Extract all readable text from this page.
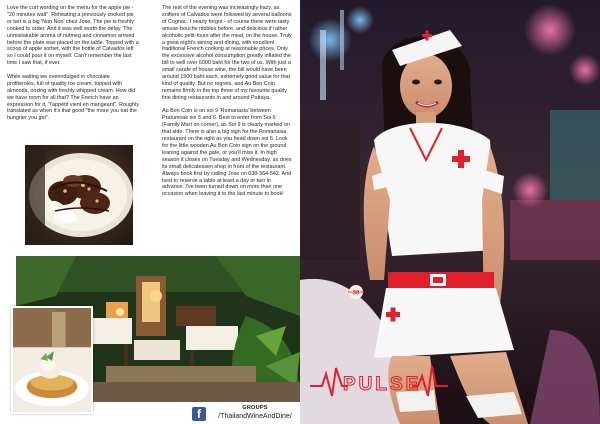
Love the curt wording on the menu for the apple pie - "20 minutes wait". Reheating a previously cooked pie or tart is a big 'Non Non' chez Jose. The pie is freshly cooked to order. And it was well worth the delay. The unmistakable aroma of nutmeg and cinnamon arrived before the plate was placed on the table. Topped with a scoop of apple sorbet, with the bottle of Calvados left so I could pour it on myself. Can't remember the last time I saw that, if ever.

While waiting we overindulged in chocolate profiteroles, full of quality ice cream, topped with almonds, oozing with freshly whipped cream. How did we have room for all that? The French have an expression for it, "l'appétit vient en mangeant". Roughly translated as when it's that good "the more you eat the hungrier you get".

The rest of the evening was increasingly hazy, as snifters of Calvados were followed by several balloons of Cognac. I nearly forgot - of course there were tasty amuse-bouche nibbles before, and delicious if rather alcoholic petit-fours after the meal, on the house. Truly a great night's wining and dining, with excellent traditional French cooking at reasonable prices. Only the excessive alcohol consumption greatly inflated the bill to well over 6000 baht for the two of us. With just a small carafe of house wine, the bill would have been around 1500 baht each, extremely good value for that kind of quality. But no regrets, and Au Bon Coin remains firmly in the top three of my favourite quality fine dining restaurants in and around Pattaya.

Au Bon Coin is on soi 9 'Romanasia' between Pratumnak soi 5 and 6. Best to enter from Soi 6 (Family Mart on corner), as Soi 9 is clearly marked on that side. There is also a big sign for the Romanasia restaurant on the right as you head down soi 6. Look for the little wooden Au Bon Coin sign on the ground leaning against the gate, or you'll miss it. In high season it closes on Tuesday and Wednesday, as does its small delicatessen shop in front of the restaurant. Always book first by calling Jose on 038-364-542. And best to reserve a table at least a day or two in advance. I've been turned down on more than one occasion when leaving it to the last minute to book!

f	GROUPS
/ThailandWineAndDine/
30
PULSE
